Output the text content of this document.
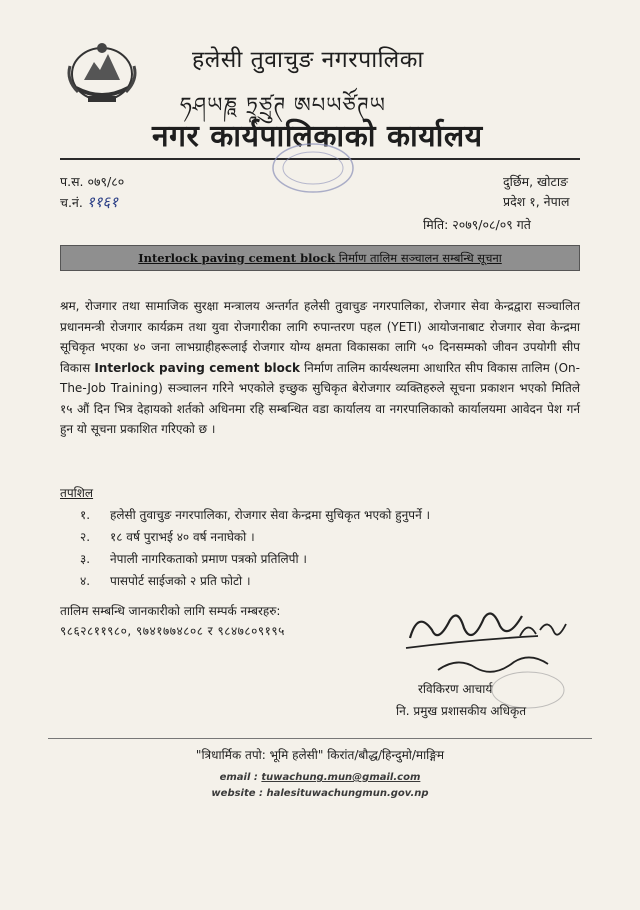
हलेसी तुवाचुङ नगरपालिका
ཧཤཡཎཱ ཏྲཱཙྲུཊ ཨཔཡཙོཊཡ
नगर कार्यपालिकाको कार्यालय
प.स. ०७९/८०
च.नं. ११६१
दुर्छिम, खोटाङ
प्रदेश १, नेपाल
मिति: २०७९/०८/०९ गते
Interlock paving cement block निर्माण तालिम सञ्चालन सम्बन्धि सूचना

श्रम, रोजगार तथा सामाजिक सुरक्षा मन्त्रालय अन्तर्गत हलेसी तुवाचुङ नगरपालिका, रोजगार सेवा केन्द्रद्वारा सञ्चालित प्रधानमन्त्री रोजगार कार्यक्रम तथा युवा रोजगारीका लागि रुपान्तरण पहल (YETI) आयोजनाबाट रोजगार सेवा केन्द्रमा सूचिकृत भएका ४० जना लाभग्राहीहरूलाई रोजगार योग्य क्षमता विकासका लागि ५० दिनसम्मको जीवन उपयोगी सीप विकास Interlock paving cement block निर्माण तालिम कार्यस्थलमा आधारित सीप विकास तालिम (On-The-Job Training) सञ्चालन गरिने भएकोले इच्छुक सुचिकृत बेरोजगार व्यक्तिहरुले सूचना प्रकाशन भएको मितिले १५ औं दिन भित्र देहायको शर्तको अधिनमा रहि सम्बन्धित वडा कार्यालय वा नगरपालिकाको कार्यालयमा आवेदन पेश गर्न हुन यो सूचना प्रकाशित गरिएको छ ।

तपशिल
१. हलेसी तुवाचुङ नगरपालिका, रोजगार सेवा केन्द्रमा सुचिकृत भएको हुनुपर्ने ।
२. १८ वर्ष पुराभई ४० वर्ष ननाघेको ।
३. नेपाली नागरिकताको प्रमाण पत्रको प्रतिलिपी ।
४. पासपोर्ट साईजको २ प्रति फोटो ।
तालिम सम्बन्धि जानकारीको लागि सम्पर्क नम्बरहरु:
९८६२८११९८०, ९७४१७७४८०८ र ९८४७८०९१९५
रविकिरण आचार्य
नि. प्रमुख प्रशासकीय अधिकृत
"त्रिधार्मिक तपो: भूमि हलेसी" किरांत/बौद्ध/हिन्दुमो/माङ्गिम
email : tuwachung.mun@gmail.com
website : halesituwachungmun.gov.np
